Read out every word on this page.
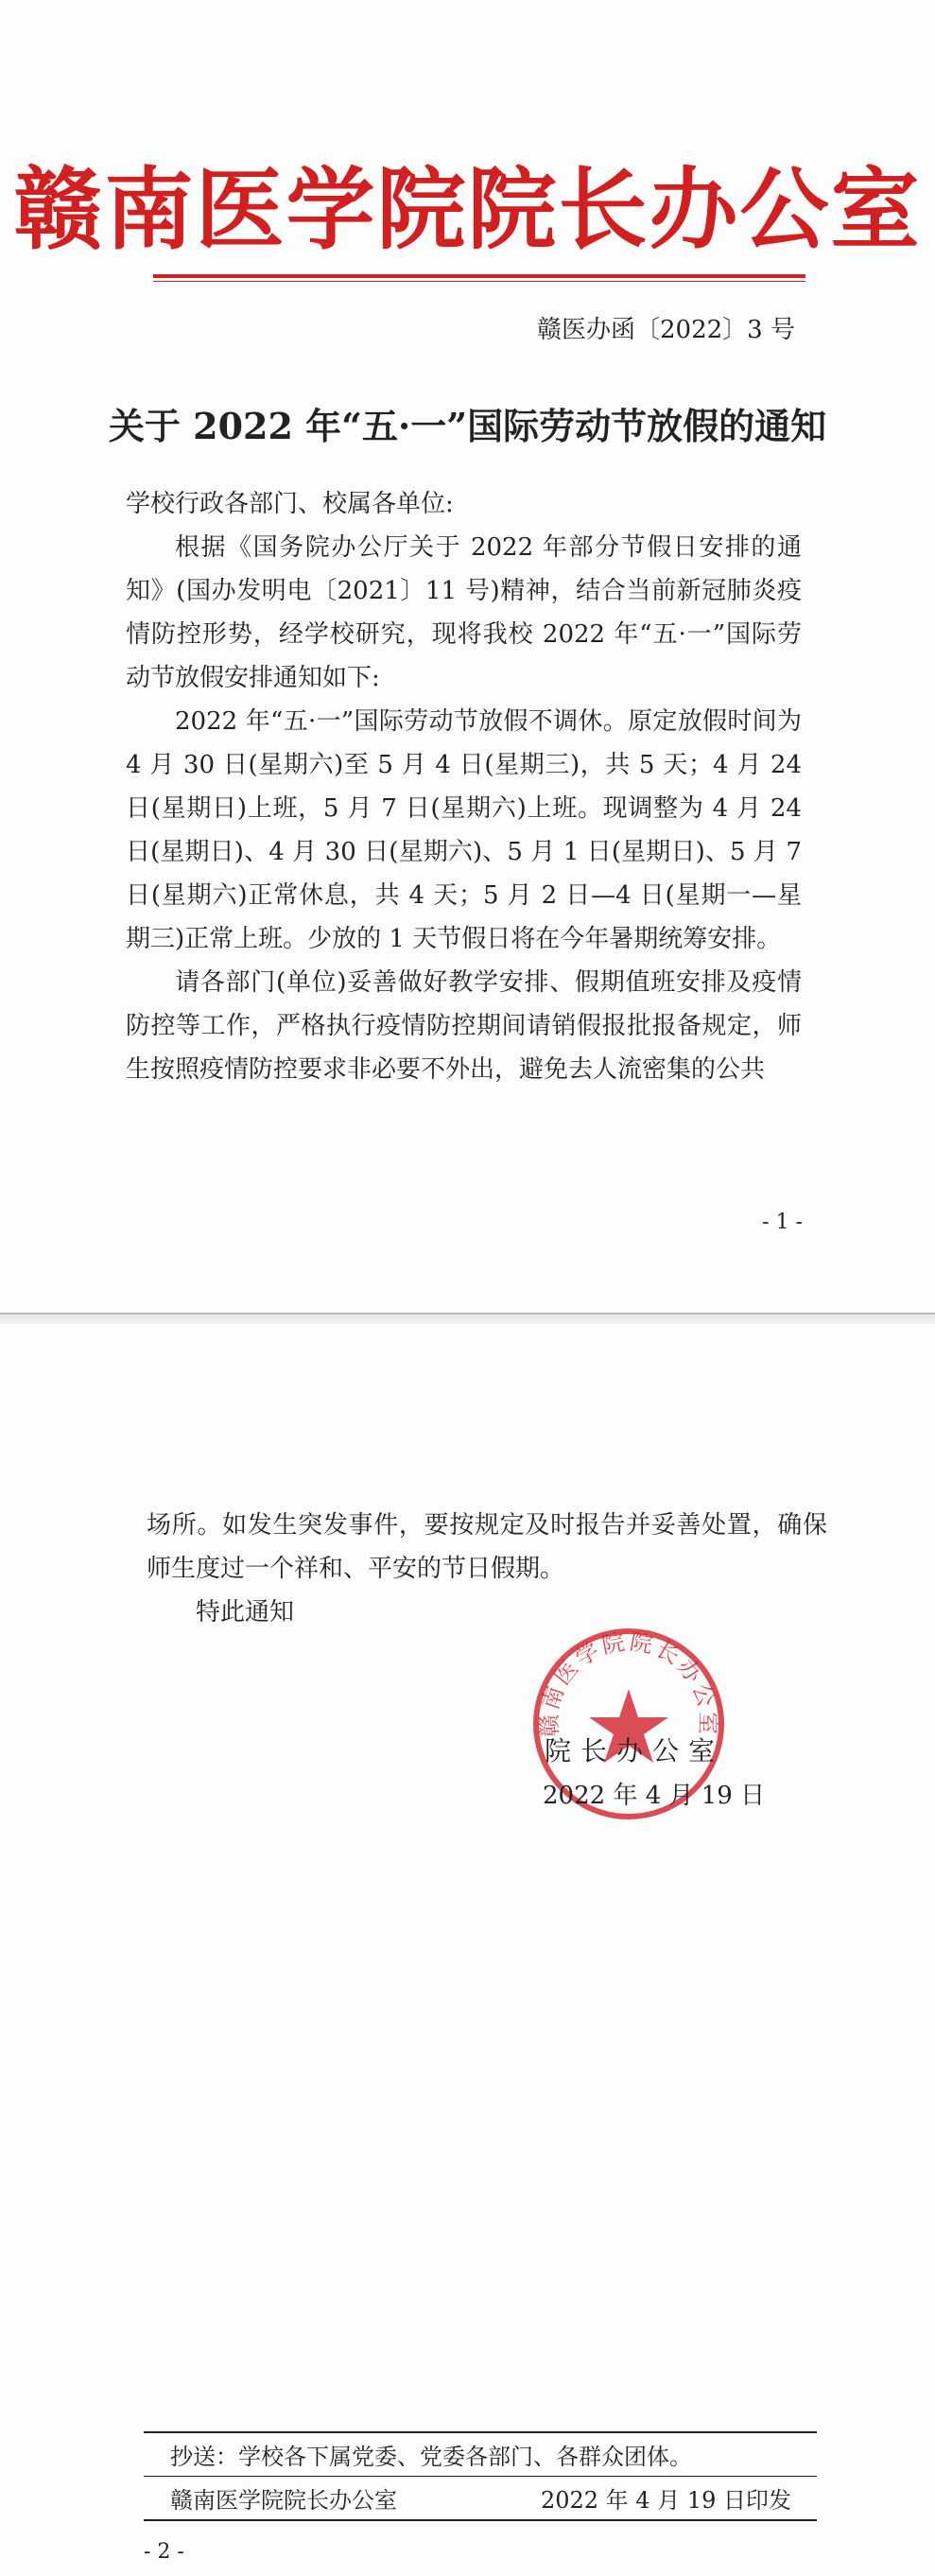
赣南医学院院长办公室
赣医办函〔2022〕3 号
关于 2022 年“五·一”国际劳动节放假的通知

学校行政各部门、校属各单位:

根据《国务院办公厅关于 2022 年部分节假日安排的通知》(国办发明电〔2021〕11 号)精神，结合当前新冠肺炎疫情防控形势，经学校研究，现将我校 2022 年“五·一”国际劳动节放假安排通知如下:

2022 年“五·一”国际劳动节放假不调休。原定放假时间为 4 月 30 日(星期六)至 5 月 4 日(星期三)，共 5 天；4 月 24 日(星期日)上班，5 月 7 日(星期六)上班。现调整为 4 月 24 日(星期日)、4 月 30 日(星期六)、5 月 1 日(星期日)、5 月 7 日(星期六)正常休息，共 4 天；5 月 2 日—4 日(星期一—星期三)正常上班。少放的 1 天节假日将在今年暑期统筹安排。

请各部门(单位)妥善做好教学安排、假期值班安排及疫情防控等工作，严格执行疫情防控期间请销假报批报备规定，师生按照疫情防控要求非必要不外出，避免去人流密集的公共

- 1 -

场所。如发生突发事件，要按规定及时报告并妥善处置，确保师生度过一个祥和、平安的节日假期。

特此通知

赣南医学院院长办公室
院长办公室
2022 年 4 月 19 日
抄送：学校各下属党委、党委各部门、各群众团体。
赣南医学院院长办公室	2022 年 4 月 19 日印发
- 2 -
